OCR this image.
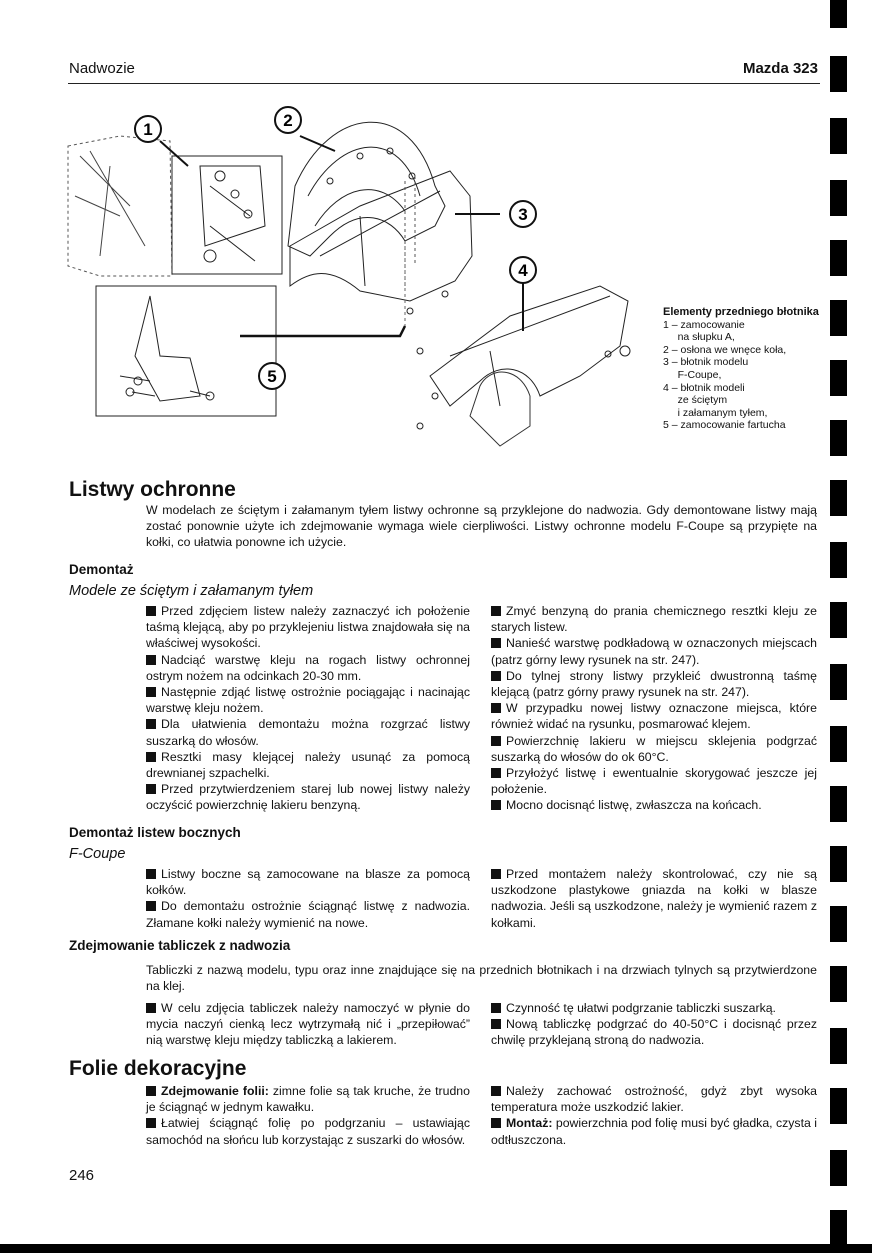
Nadwozie	Mazda 323
1	2
3
4
5
Elementy przedniego błotnika
1 – zamocowanie
na słupku A,
2 – osłona we wnęce koła,
3 – błotnik modelu
F-Coupe,
4 – błotnik modeli
ze ściętym
i załamanym tyłem,
5 – zamocowanie fartucha
Listwy ochronne
W modelach ze ściętym i załamanym tyłem listwy ochronne są przyklejone do nadwozia. Gdy demontowane listwy mają zostać ponownie użyte ich zdejmowanie wymaga wiele cierpliwości. Listwy ochronne modelu F-Coupe są przypięte na kołki, co ułatwia ponowne ich użycie.
Demontaż
Modele ze ściętym i załamanym tyłem

Przed zdjęciem listew należy zaznaczyć ich położenie taśmą klejącą, aby po przyklejeniu listwa znajdowała się na właściwej wysokości.

Nadciąć warstwę kleju na rogach listwy ochronnej ostrym nożem na odcinkach 20-30 mm.

Następnie zdjąć listwę ostrożnie pociągając i nacinając warstwę kleju nożem.

Dla ułatwienia demontażu można rozgrzać listwy suszarką do włosów.

Resztki masy klejącej należy usunąć za pomocą drewnianej szpachelki.

Przed przytwierdzeniem starej lub nowej listwy należy oczyścić powierzchnię lakieru benzyną.

Zmyć benzyną do prania chemicznego resztki kleju ze starych listew.

Nanieść warstwę podkładową w oznaczonych miejscach (patrz górny lewy rysunek na str. 247).

Do tylnej strony listwy przykleić dwustronną taśmę klejącą (patrz górny prawy rysunek na str. 247).

W przypadku nowej listwy oznaczone miejsca, które również widać na rysunku, posmarować klejem.

Powierzchnię lakieru w miejscu sklejenia podgrzać suszarką do włosów do ok 60°C.

Przyłożyć listwę i ewentualnie skorygować jeszcze jej położenie.

Mocno docisnąć listwę, zwłaszcza na końcach.

Demontaż listew bocznych
F-Coupe

Listwy boczne są zamocowane na blasze za pomocą kołków.

Do demontażu ostrożnie ściągnąć listwę z nadwozia. Złamane kołki należy wymienić na nowe.

Przed montażem należy skontrolować, czy nie są uszkodzone plastykowe gniazda na kołki w blasze nadwozia. Jeśli są uszkodzone, należy je wymienić razem z kołkami.

Zdejmowanie tabliczek z nadwozia
Tabliczki z nazwą modelu, typu oraz inne znajdujące się na przednich błotnikach i na drzwiach tylnych są przytwierdzone na klej.

W celu zdjęcia tabliczek należy namoczyć w płynie do mycia naczyń cienką lecz wytrzymałą nić i „przepiłować” nią warstwę kleju między tabliczką a lakierem.

Czynność tę ułatwi podgrzanie tabliczki suszarką.

Nową tabliczkę podgrzać do 40-50°C i docisnąć przez chwilę przyklejaną stroną do nadwozia.

Folie dekoracyjne

Zdejmowanie folii: zimne folie są tak kruche, że trudno je ściągnąć w jednym kawałku.

Łatwiej ściągnąć folię po podgrzaniu – ustawiając samochód na słońcu lub korzystając z suszarki do włosów.

Należy zachować ostrożność, gdyż zbyt wysoka temperatura może uszkodzić lakier.

Montaż: powierzchnia pod folię musi być gładka, czysta i odtłuszczona.

246
